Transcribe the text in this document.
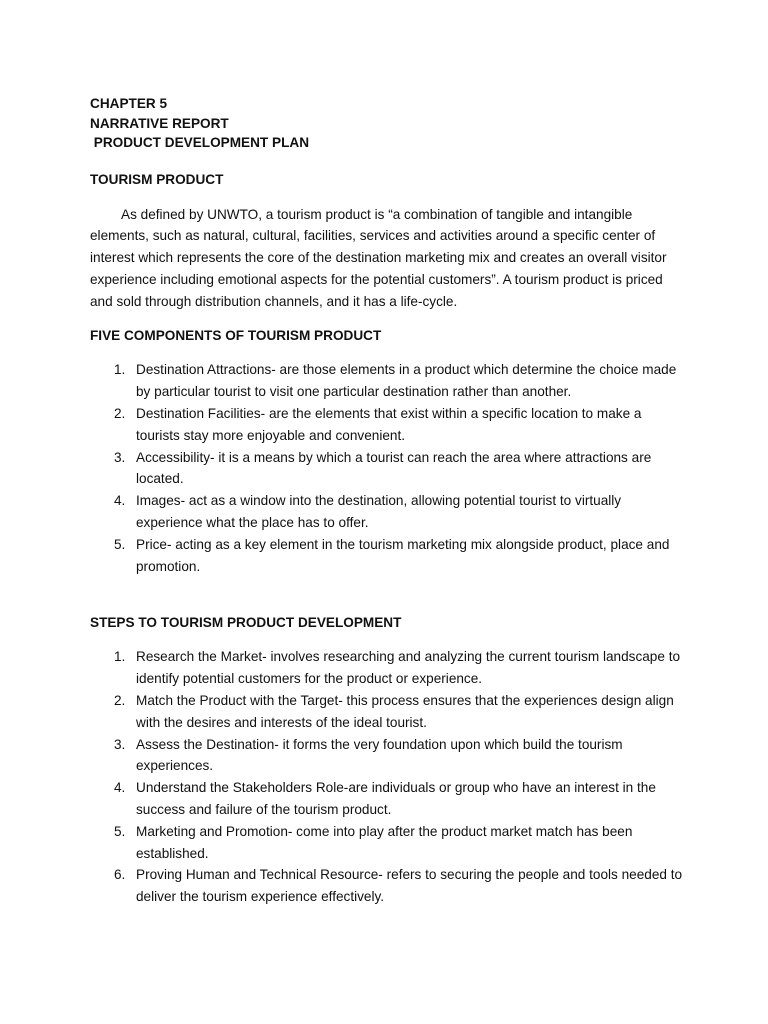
CHAPTER 5
NARRATIVE REPORT
PRODUCT DEVELOPMENT PLAN
TOURISM PRODUCT

As defined by UNWTO, a tourism product is “a combination of tangible and intangible elements, such as natural, cultural, facilities, services and activities around a specific center of interest which represents the core of the destination marketing mix and creates an overall visitor experience including emotional aspects for the potential customers”. A tourism product is priced and sold through distribution channels, and it has a life-cycle.

FIVE COMPONENTS OF TOURISM PRODUCT
1. Destination Attractions- are those elements in a product which determine the choice made by particular tourist to visit one particular destination rather than another.
2. Destination Facilities- are the elements that exist within a specific location to make a tourists stay more enjoyable and convenient.
3. Accessibility- it is a means by which a tourist can reach the area where attractions are located.
4. Images- act as a window into the destination, allowing potential tourist to virtually experience what the place has to offer.
5. Price- acting as a key element in the tourism marketing mix alongside product, place and promotion.
STEPS TO TOURISM PRODUCT DEVELOPMENT
1. Research the Market- involves researching and analyzing the current tourism landscape to identify potential customers for the product or experience.
2. Match the Product with the Target- this process ensures that the experiences design align with the desires and interests of the ideal tourist.
3. Assess the Destination- it forms the very foundation upon which build the tourism experiences.
4. Understand the Stakeholders Role-are individuals or group who have an interest in the success and failure of the tourism product.
5. Marketing and Promotion- come into play after the product market match has been established.
6. Proving Human and Technical Resource- refers to securing the people and tools needed to deliver the tourism experience effectively.
